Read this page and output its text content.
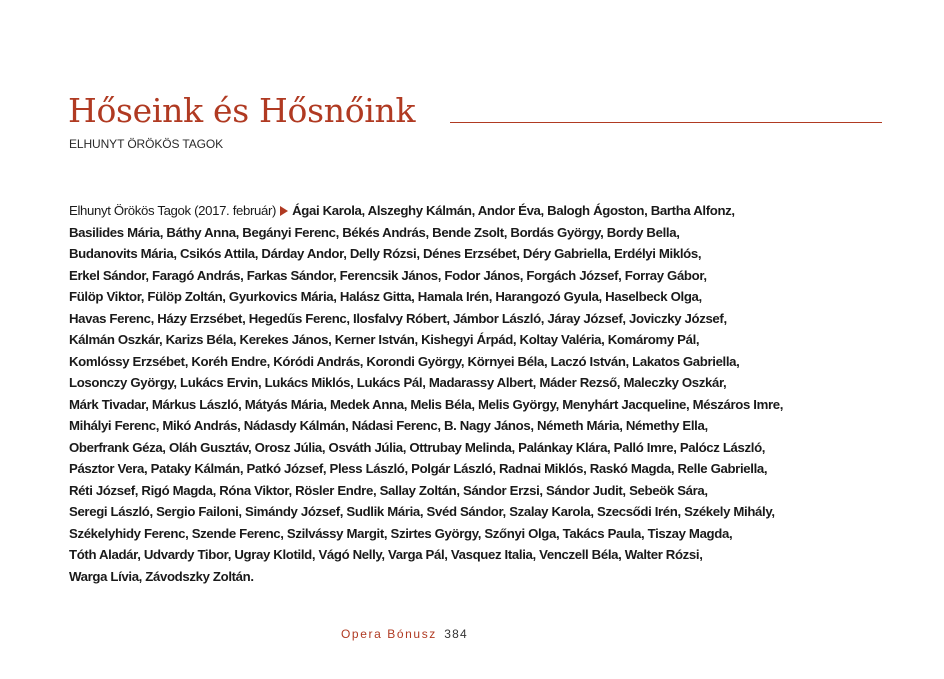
Hőseink és Hősnőink
ELHUNYT ÖRÖKÖS TAGOK
Elhunyt Örökös Tagok (2017. február) Ágai Karola, Alszeghy Kálmán, Andor Éva, Balogh Ágoston, Bartha Alfonz,
Basilides Mária, Báthy Anna, Begányi Ferenc, Békés András, Bende Zsolt, Bordás György, Bordy Bella,
Budanovits Mária, Csikós Attila, Dárday Andor, Delly Rózsi, Dénes Erzsébet, Déry Gabriella, Erdélyi Miklós,
Erkel Sándor, Faragó András, Farkas Sándor, Ferencsik János, Fodor János, Forgách József, Forray Gábor,
Fülöp Viktor, Fülöp Zoltán, Gyurkovics Mária, Halász Gitta, Hamala Irén, Harangozó Gyula, Haselbeck Olga,
Havas Ferenc, Házy Erzsébet, Hegedűs Ferenc, Ilosfalvy Róbert, Jámbor László, Járay József, Joviczky József,
Kálmán Oszkár, Karizs Béla, Kerekes János, Kerner István, Kishegyi Árpád, Koltay Valéria, Komáromy Pál,
Komlóssy Erzsébet, Koréh Endre, Kóródi András, Korondi György, Környei Béla, Laczó István, Lakatos Gabriella,
Losonczy György, Lukács Ervin, Lukács Miklós, Lukács Pál, Madarassy Albert, Máder Rezső, Maleczky Oszkár,
Márk Tivadar, Márkus László, Mátyás Mária, Medek Anna, Melis Béla, Melis György, Menyhárt Jacqueline, Mészáros Imre,
Mihályi Ferenc, Mikó András, Nádasdy Kálmán, Nádasi Ferenc, B. Nagy János, Németh Mária, Némethy Ella,
Oberfrank Géza, Oláh Gusztáv, Orosz Júlia, Osváth Júlia, Ottrubay Melinda, Palánkay Klára, Palló Imre, Palócz László,
Pásztor Vera, Pataky Kálmán, Patkó József, Pless László, Polgár László, Radnai Miklós, Raskó Magda, Relle Gabriella,
Réti József, Rigó Magda, Róna Viktor, Rösler Endre, Sallay Zoltán, Sándor Erzsi, Sándor Judit, Sebeök Sára,
Seregi László, Sergio Failoni, Simándy József, Sudlik Mária, Svéd Sándor, Szalay Karola, Szecsődi Irén, Székely Mihály,
Székelyhidy Ferenc, Szende Ferenc, Szilvássy Margit, Szirtes György, Szőnyi Olga, Takács Paula, Tiszay Magda,
Tóth Aladár, Udvardy Tibor, Ugray Klotild, Vágó Nelly, Varga Pál, Vasquez Italia, Venczell Béla, Walter Rózsi,
Warga Lívia, Závodszky Zoltán.
Opera Bónusz 384
